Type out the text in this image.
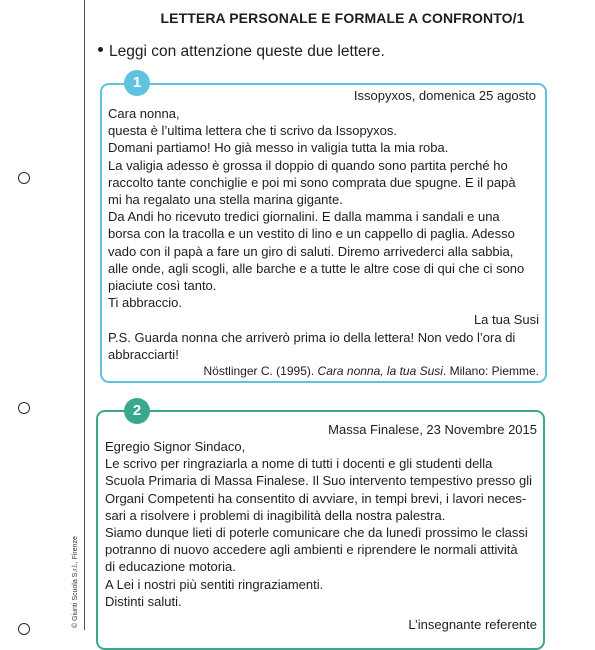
© Giunti Scuola S.r.l., Firenze
LETTERA PERSONALE E FORMALE A CONFRONTO/1
Leggi con attenzione queste due lettere.
1
Issopyxos, domenica 25 agosto
Cara nonna,
questa è l’ultima lettera che ti scrivo da Issopyxos.
Domani partiamo! Ho già messo in valigia tutta la mia roba.
La valigia adesso è grossa il doppio di quando sono partita perché ho
raccolto tante conchiglie e poi mi sono comprata due spugne. E il papà
mi ha regalato una stella marina gigante.
Da Andi ho ricevuto tredici giornalini. E dalla mamma i sandali e una
borsa con la tracolla e un vestito di lino e un cappello di paglia. Adesso
vado con il papà a fare un giro di saluti. Diremo arrivederci alla sabbia,
alle onde, agli scogli, alle barche e a tutte le altre cose di qui che ci sono
piaciute così tanto.
Ti abbraccio.
La tua Susi
P.S. Guarda nonna che arriverò prima io della lettera! Non vedo l’ora di
abbracciarti!
Nöstlinger C. (1995). Cara nonna, la tua Susi. Milano: Piemme.
2
Massa Finalese, 23 Novembre 2015
Egregio Signor Sindaco,
Le scrivo per ringraziarla a nome di tutti i docenti e gli studenti della
Scuola Primaria di Massa Finalese. Il Suo intervento tempestivo presso gli
Organi Competenti ha consentito di avviare, in tempi brevi, i lavori neces-
sari a risolvere i problemi di inagibilità della nostra palestra.
Siamo dunque lieti di poterle comunicare che da lunedì prossimo le classi
potranno di nuovo accedere agli ambienti e riprendere le normali attività
di educazione motoria.
A Lei i nostri più sentiti ringraziamenti.
Distinti saluti.
L’insegnante referente
